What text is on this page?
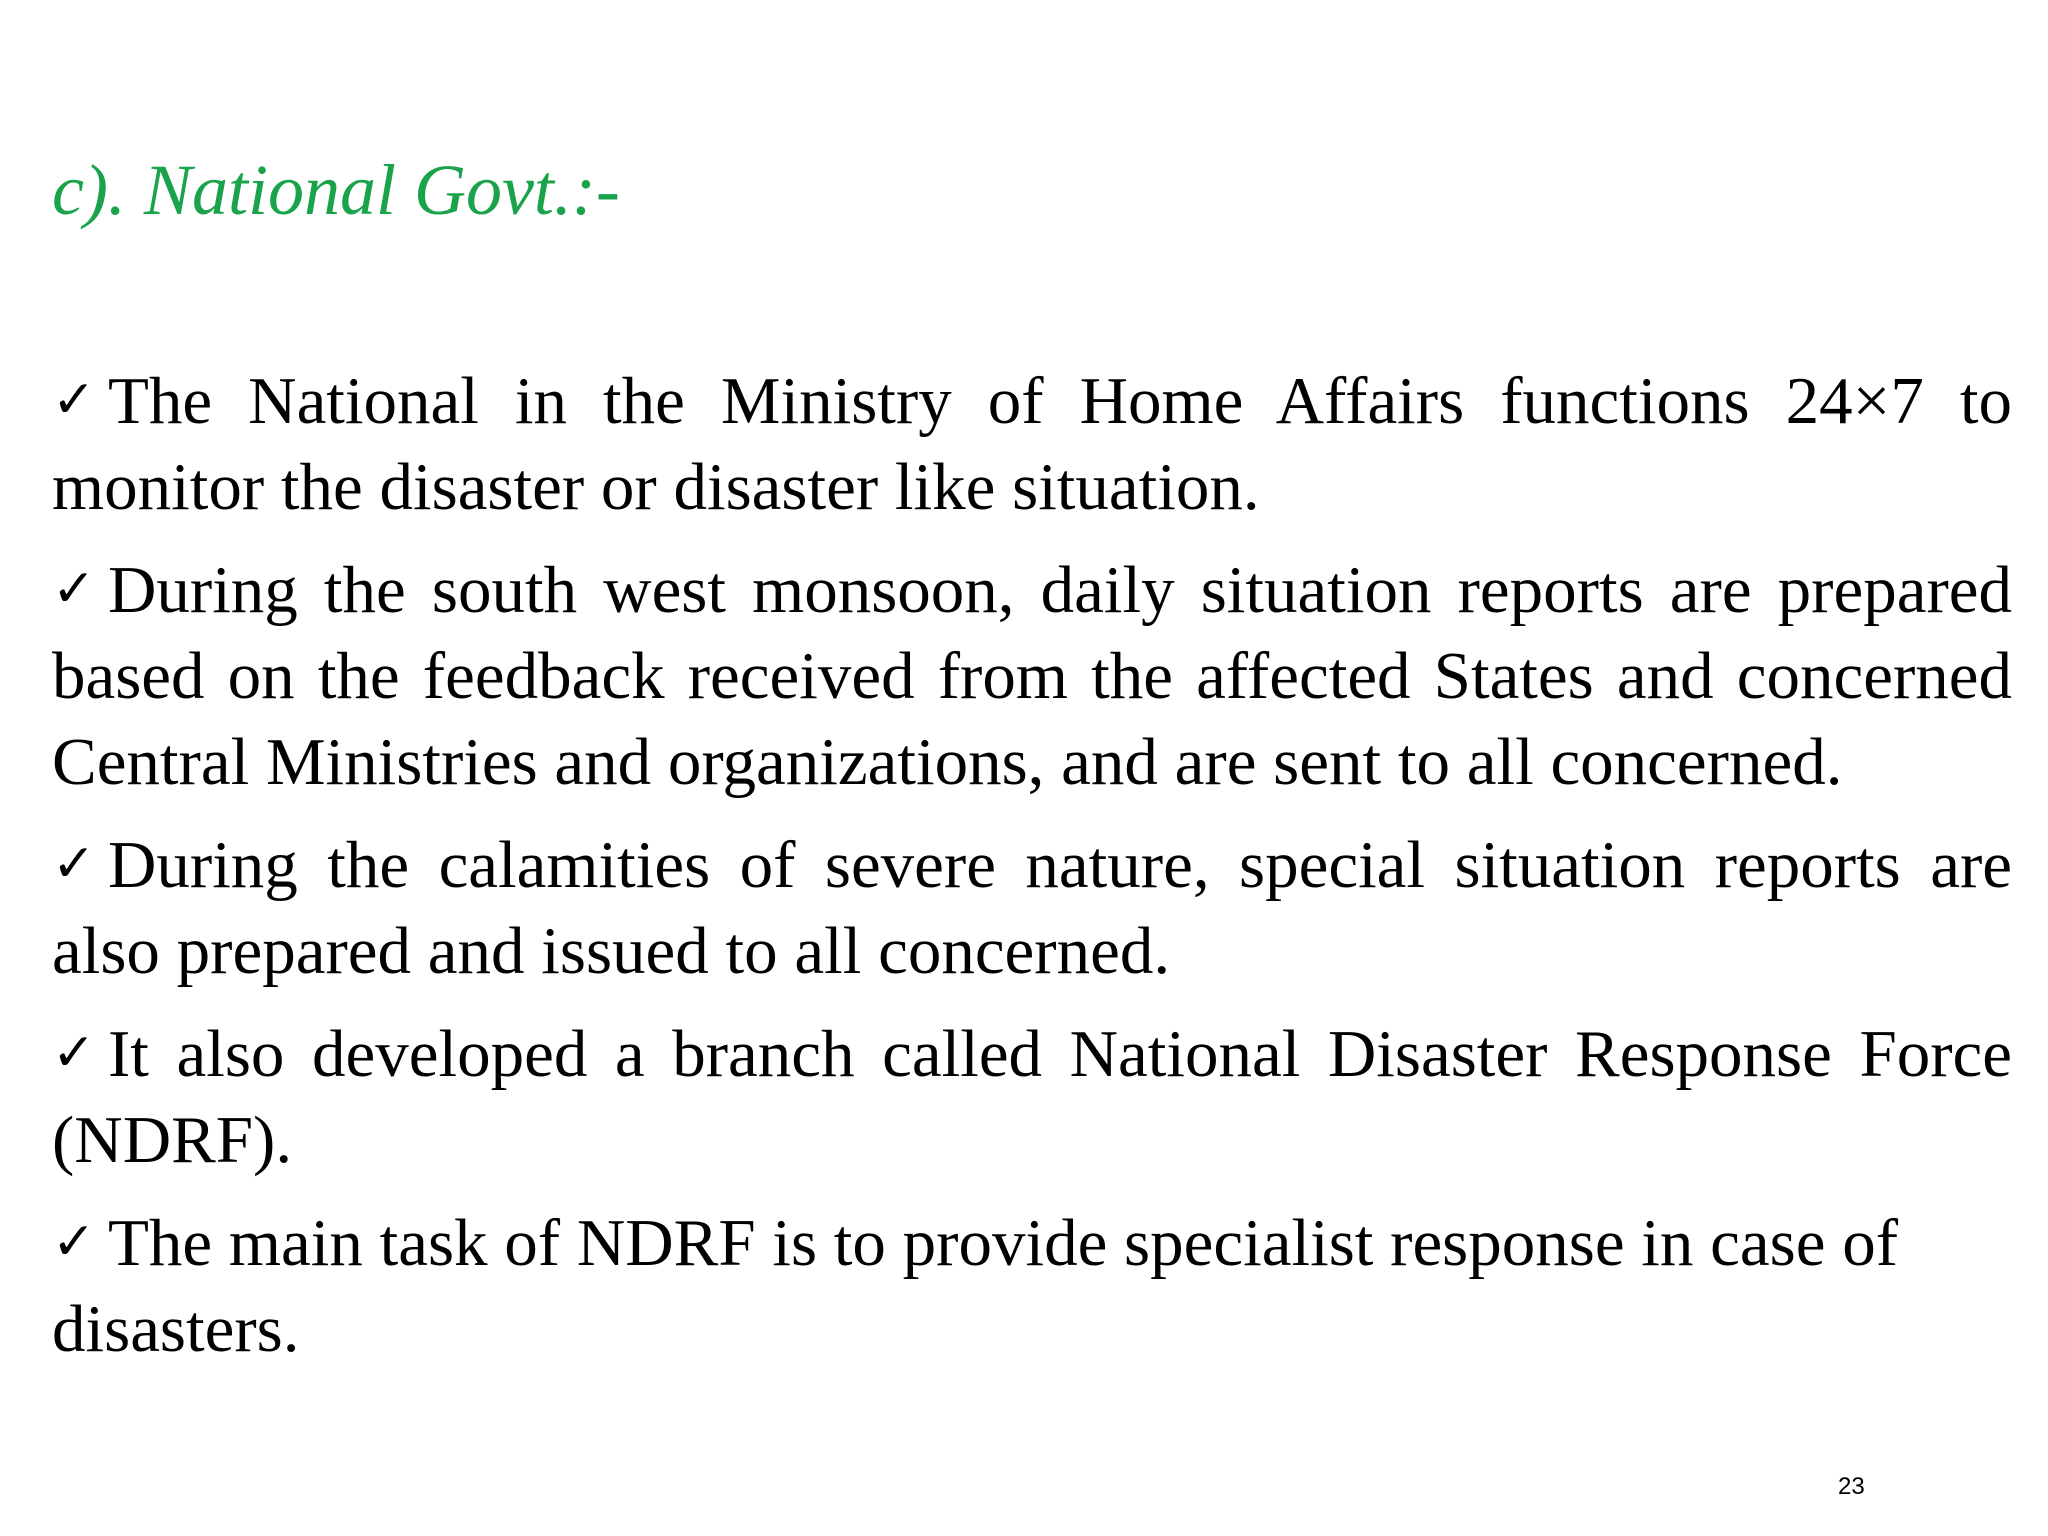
c). National Govt.:-
✓ The National in the Ministry of Home Affairs functions 24×7 to monitor the disaster or disaster like situation.
✓ During the south west monsoon, daily situation reports are prepared based on the feedback received from the affected States and concerned Central Ministries and organizations, and are sent to all concerned.
✓ During the calamities of severe nature, special situation reports are also prepared and issued to all concerned.
✓ It also developed a branch called National Disaster Response Force (NDRF).
✓ The main task of NDRF is to provide specialist response in case of disasters.
23
